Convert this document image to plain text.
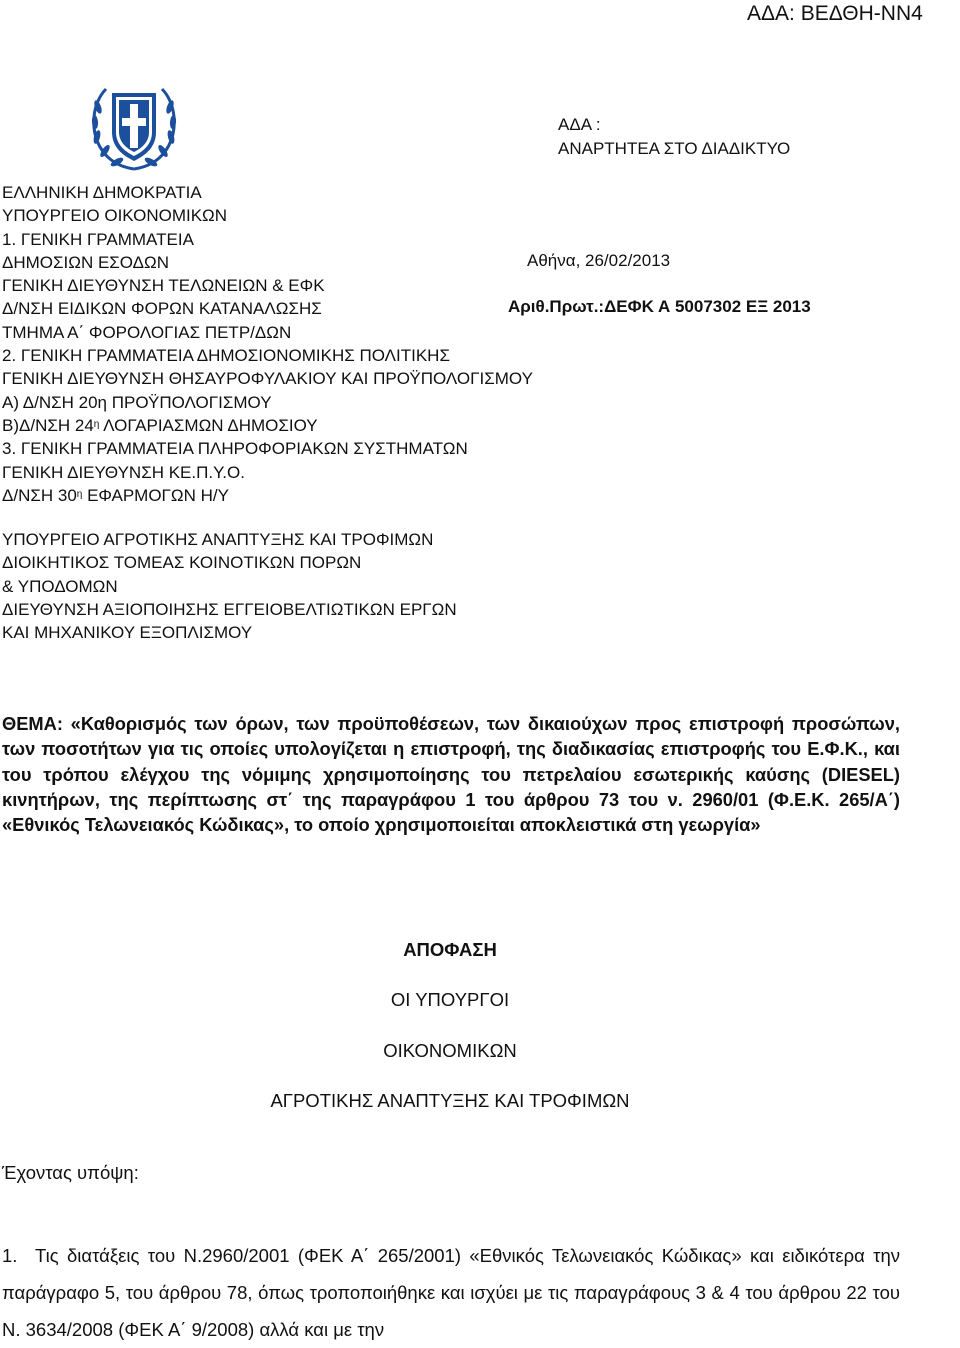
ΑΔΑ: ΒΕΔΘΗ-ΝΝ4
ΑΔΑ :
ΑΝΑΡΤΗΤΕΑ ΣΤΟ ΔΙΑΔΙΚΤΥΟ
ΕΛΛΗΝΙΚΗ ΔΗΜΟΚΡΑΤΙΑ
ΥΠΟΥΡΓΕΙΟ ΟΙΚΟΝΟΜΙΚΩΝ
1. ΓΕΝΙΚΗ ΓΡΑΜΜΑΤΕΙΑ
ΔΗΜΟΣΙΩΝ ΕΣΟΔΩΝ
ΓΕΝΙΚΗ ΔΙΕΥΘΥΝΣΗ ΤΕΛΩΝΕΙΩΝ & ΕΦΚ
Δ/ΝΣΗ ΕΙΔΙΚΩΝ ΦΟΡΩΝ ΚΑΤΑΝΑΛΩΣΗΣ
ΤΜΗΜΑ Α΄ ΦΟΡΟΛΟΓΙΑΣ ΠΕΤΡ/ΔΩΝ
2. ΓΕΝΙΚΗ ΓΡΑΜΜΑΤΕΙΑ ΔΗΜΟΣΙΟΝΟΜΙΚΗΣ ΠΟΛΙΤΙΚΗΣ
ΓΕΝΙΚΗ ΔΙΕΥΘΥΝΣΗ ΘΗΣΑΥΡΟΦΥΛΑΚΙΟΥ ΚΑΙ ΠΡΟΫΠΟΛΟΓΙΣΜΟΥ
Α) Δ/ΝΣΗ 20η ΠΡΟΫΠΟΛΟΓΙΣΜΟΥ
Β)Δ/ΝΣΗ $24^\eta$ ΛΟΓΑΡΙΑΣΜΩΝ ΔΗΜΟΣΙΟΥ
3. ΓΕΝΙΚΗ ΓΡΑΜΜΑΤΕΙΑ ΠΛΗΡΟΦΟΡΙΑΚΩΝ ΣΥΣΤΗΜΑΤΩΝ
ΓΕΝΙΚΗ ΔΙΕΥΘΥΝΣΗ ΚΕ.Π.Υ.Ο.
Δ/ΝΣΗ $30^\eta$ ΕΦΑΡΜΟΓΩΝ Η/Υ
Αθήνα, 26/02/2013
Αριθ.Πρωτ.:ΔΕΦΚ Α 5007302 ΕΞ 2013
ΥΠΟΥΡΓΕΙΟ ΑΓΡΟΤΙΚΗΣ ΑΝΑΠΤΥΞΗΣ ΚΑΙ ΤΡΟΦΙΜΩΝ
ΔΙΟΙΚΗΤΙΚΟΣ ΤΟΜΕΑΣ ΚΟΙΝΟΤΙΚΩΝ ΠΟΡΩΝ
& ΥΠΟΔΟΜΩΝ
ΔΙΕΥΘΥΝΣΗ ΑΞΙΟΠΟΙΗΣΗΣ ΕΓΓΕΙΟΒΕΛΤΙΩΤΙΚΩΝ ΕΡΓΩΝ
ΚΑΙ ΜΗΧΑΝΙΚΟΥ ΕΞΟΠΛΙΣΜΟΥ
ΘΕΜΑ: «Καθορισμός των όρων, των προϋποθέσεων, των δικαιούχων προς επιστροφή προσώπων, των ποσοτήτων για τις οποίες υπολογίζεται η επιστροφή, της διαδικασίας επιστροφής του Ε.Φ.Κ., και του τρόπου ελέγχου της νόμιμης χρησιμοποίησης του πετρελαίου εσωτερικής καύσης (DIESEL) κινητήρων, της περίπτωσης στ΄ της παραγράφου 1 του άρθρου 73 του ν. 2960/01 (Φ.Ε.Κ. 265/Α΄) «Εθνικός Τελωνειακός Κώδικας», το οποίο χρησιμοποιείται αποκλειστικά στη γεωργία»
ΑΠΟΦΑΣΗ
ΟΙ ΥΠΟΥΡΓΟΙ
ΟΙΚΟΝΟΜΙΚΩΝ
ΑΓΡΟΤΙΚΗΣ ΑΝΑΠΤΥΞΗΣ ΚΑΙ ΤΡΟΦΙΜΩΝ
Έχοντας υπόψη:
1. Τις διατάξεις του Ν.2960/2001 (ΦΕΚ Α΄ 265/2001) «Εθνικός Τελωνειακός Κώδικας» και ειδικότερα την παράγραφο 5, του άρθρου 78, όπως τροποποιήθηκε και ισχύει με τις παραγράφους 3 & 4 του άρθρου 22 του Ν. 3634/2008 (ΦΕΚ Α΄ 9/2008) αλλά και με την
